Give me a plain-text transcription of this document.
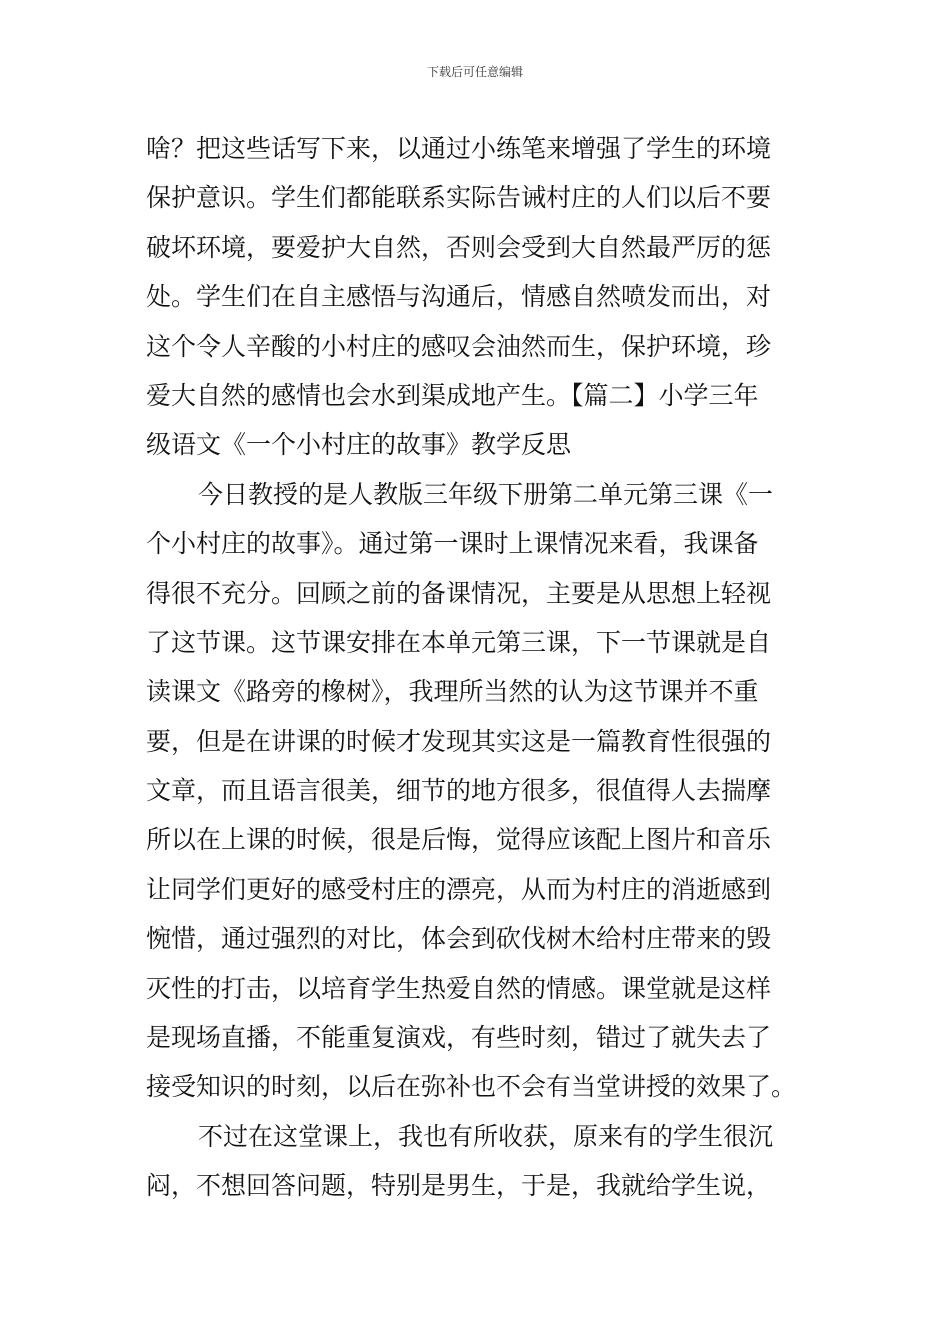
下载后可任意编辑
啥？把这些话写下来，以通过小练笔来增强了学生的环境
保护意识。学生们都能联系实际告诫村庄的人们以后不要
破坏环境，要爱护大自然，否则会受到大自然最严厉的惩
处。学生们在自主感悟与沟通后，情感自然喷发而出，对
这个令人辛酸的小村庄的感叹会油然而生，保护环境，珍
爱大自然的感情也会水到渠成地产生。【篇二】小学三年
级语文《一个小村庄的故事》教学反思
今日教授的是人教版三年级下册第二单元第三课《一
个小村庄的故事》。通过第一课时上课情况来看，我课备
得很不充分。回顾之前的备课情况，主要是从思想上轻视
了这节课。这节课安排在本单元第三课，下一节课就是自
读课文《路旁的橡树》，我理所当然的认为这节课并不重
要，但是在讲课的时候才发现其实这是一篇教育性很强的
文章，而且语言很美，细节的地方很多，很值得人去揣摩
所以在上课的时候，很是后悔，觉得应该配上图片和音乐
让同学们更好的感受村庄的漂亮，从而为村庄的消逝感到
惋惜，通过强烈的对比，体会到砍伐树木给村庄带来的毁
灭性的打击，以培育学生热爱自然的情感。课堂就是这样
是现场直播，不能重复演戏，有些时刻，错过了就失去了
接受知识的时刻，以后在弥补也不会有当堂讲授的效果了。
不过在这堂课上，我也有所收获，原来有的学生很沉
闷，不想回答问题，特别是男生，于是，我就给学生说，
